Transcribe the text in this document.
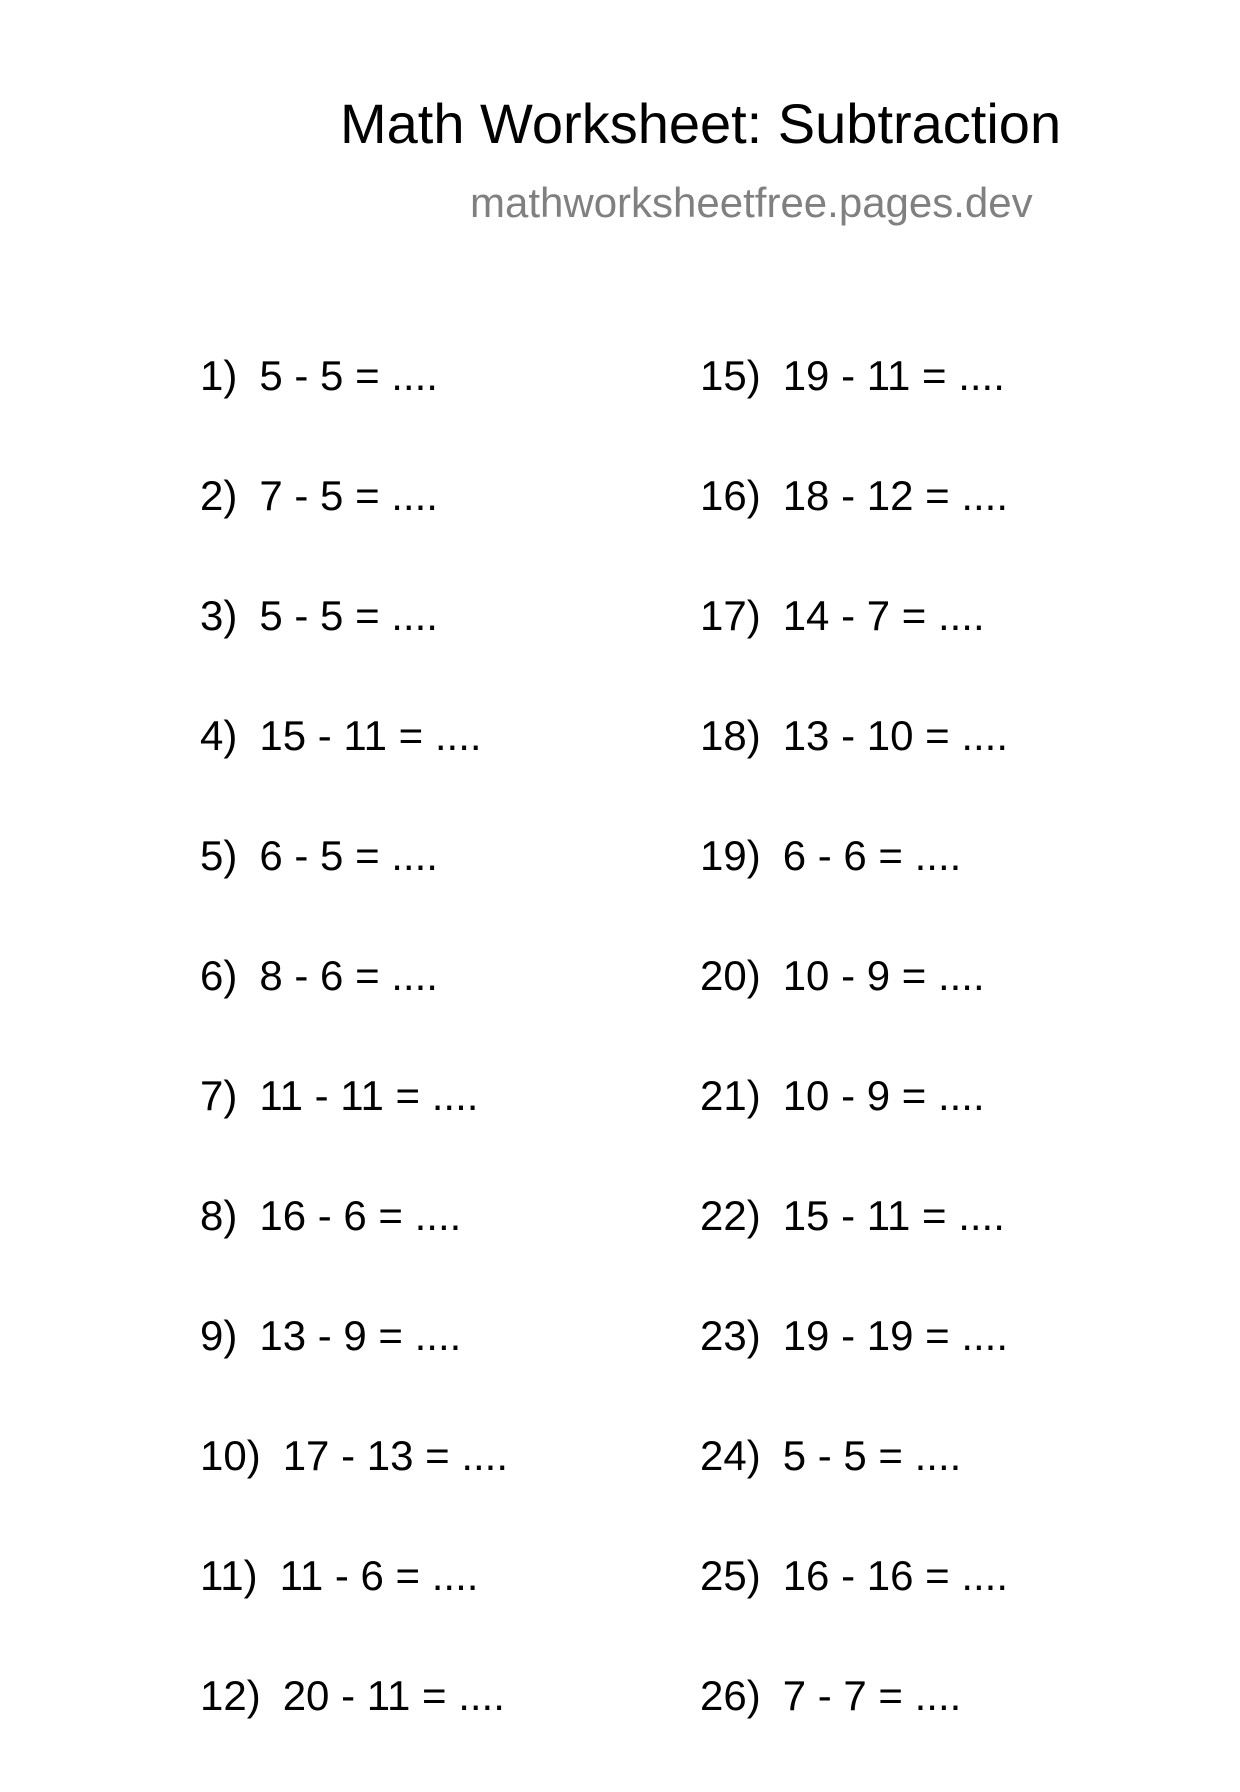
Math Worksheet: Subtraction
mathworksheetfree.pages.dev
1) 5 - 5 = ....
2) 7 - 5 = ....
3) 5 - 5 = ....
4) 15 - 11 = ....
5) 6 - 5 = ....
6) 8 - 6 = ....
7) 11 - 11 = ....
8) 16 - 6 = ....
9) 13 - 9 = ....
10) 17 - 13 = ....
11) 11 - 6 = ....
12) 20 - 11 = ....
15) 19 - 11 = ....
16) 18 - 12 = ....
17) 14 - 7 = ....
18) 13 - 10 = ....
19) 6 - 6 = ....
20) 10 - 9 = ....
21) 10 - 9 = ....
22) 15 - 11 = ....
23) 19 - 19 = ....
24) 5 - 5 = ....
25) 16 - 16 = ....
26) 7 - 7 = ....
